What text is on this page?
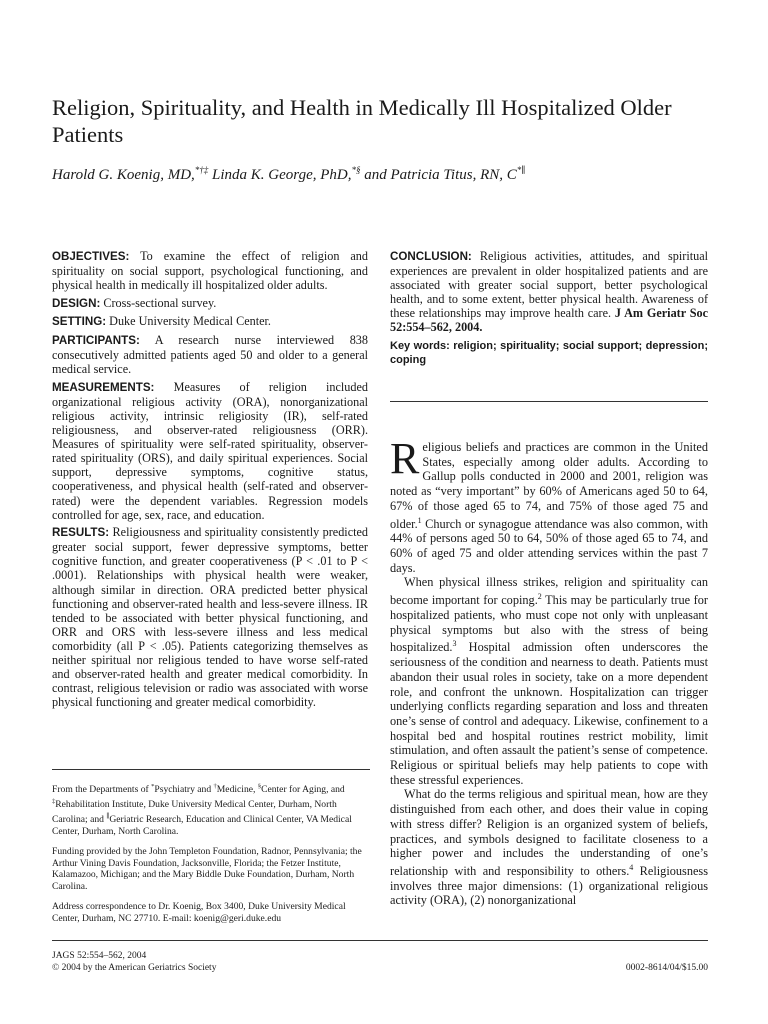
Religion, Spirituality, and Health in Medically Ill Hospitalized Older Patients

Harold G. Koenig, MD,*†‡ Linda K. George, PhD,*§ and Patricia Titus, RN, C*∥

OBJECTIVES: To examine the effect of religion and spirituality on social support, psychological functioning, and physical health in medically ill hospitalized older adults.

DESIGN: Cross-sectional survey.

SETTING: Duke University Medical Center.

PARTICIPANTS: A research nurse interviewed 838 consecutively admitted patients aged 50 and older to a general medical service.

MEASUREMENTS: Measures of religion included organizational religious activity (ORA), nonorganizational religious activity, intrinsic religiosity (IR), self-rated religiousness, and observer-rated religiousness (ORR). Measures of spirituality were self-rated spirituality, observer-rated spirituality (ORS), and daily spiritual experiences. Social support, depressive symptoms, cognitive status, cooperativeness, and physical health (self-rated and observer-rated) were the dependent variables. Regression models controlled for age, sex, race, and education.

RESULTS: Religiousness and spirituality consistently predicted greater social support, fewer depressive symptoms, better cognitive function, and greater cooperativeness (P < .01 to P < .0001). Relationships with physical health were weaker, although similar in direction. ORA predicted better physical functioning and observer-rated health and less-severe illness. IR tended to be associated with better physical functioning, and ORR and ORS with less-severe illness and less medical comorbidity (all P < .05). Patients categorizing themselves as neither spiritual nor religious tended to have worse self-rated and observer-rated health and greater medical comorbidity. In contrast, religious television or radio was associated with worse physical functioning and greater medical comorbidity.

CONCLUSION: Religious activities, attitudes, and spiritual experiences are prevalent in older hospitalized patients and are associated with greater social support, better psychological health, and to some extent, better physical health. Awareness of these relationships may improve health care. J Am Geriatr Soc 52:554–562, 2004.

Key words: religion; spirituality; social support; depression; coping

From the Departments of *Psychiatry and †Medicine, §Center for Aging, and ‡Rehabilitation Institute, Duke University Medical Center, Durham, North Carolina; and ∥Geriatric Research, Education and Clinical Center, VA Medical Center, Durham, North Carolina.

Funding provided by the John Templeton Foundation, Radnor, Pennsylvania; the Arthur Vining Davis Foundation, Jacksonville, Florida; the Fetzer Institute, Kalamazoo, Michigan; and the Mary Biddle Duke Foundation, Durham, North Carolina.

Address correspondence to Dr. Koenig, Box 3400, Duke University Medical Center, Durham, NC 27710. E-mail: koenig@geri.duke.edu

Religious beliefs and practices are common in the United States, especially among older adults. According to Gallup polls conducted in 2000 and 2001, religion was noted as “very important” by 60% of Americans aged 50 to 64, 67% of those aged 65 to 74, and 75% of those aged 75 and older.$^1$ Church or synagogue attendance was also common, with 44% of persons aged 50 to 64, 50% of those aged 65 to 74, and 60% of aged 75 and older attending services within the past 7 days.

When physical illness strikes, religion and spirituality can become important for coping.$^2$ This may be particularly true for hospitalized patients, who must cope not only with unpleasant physical symptoms but also with the stress of being hospitalized.$^3$ Hospital admission often underscores the seriousness of the condition and nearness to death. Patients must abandon their usual roles in society, take on a more dependent role, and confront the unknown. Hospitalization can trigger underlying conflicts regarding separation and loss and threaten one’s sense of control and adequacy. Likewise, confinement to a hospital bed and hospital routines restrict mobility, limit stimulation, and often assault the patient’s sense of competence. Religious or spiritual beliefs may help patients to cope with these stressful experiences.

What do the terms religious and spiritual mean, how are they distinguished from each other, and does their value in coping with stress differ? Religion is an organized system of beliefs, practices, and symbols designed to facilitate closeness to a higher power and includes the understanding of one’s relationship with and responsibility to others.$^4$ Religiousness involves three major dimensions: (1) organizational religious activity (ORA), (2) nonorganizational

JAGS 52:554–562, 2004
© 2004 by the American Geriatrics Society	0002-8614/04/$15.00
